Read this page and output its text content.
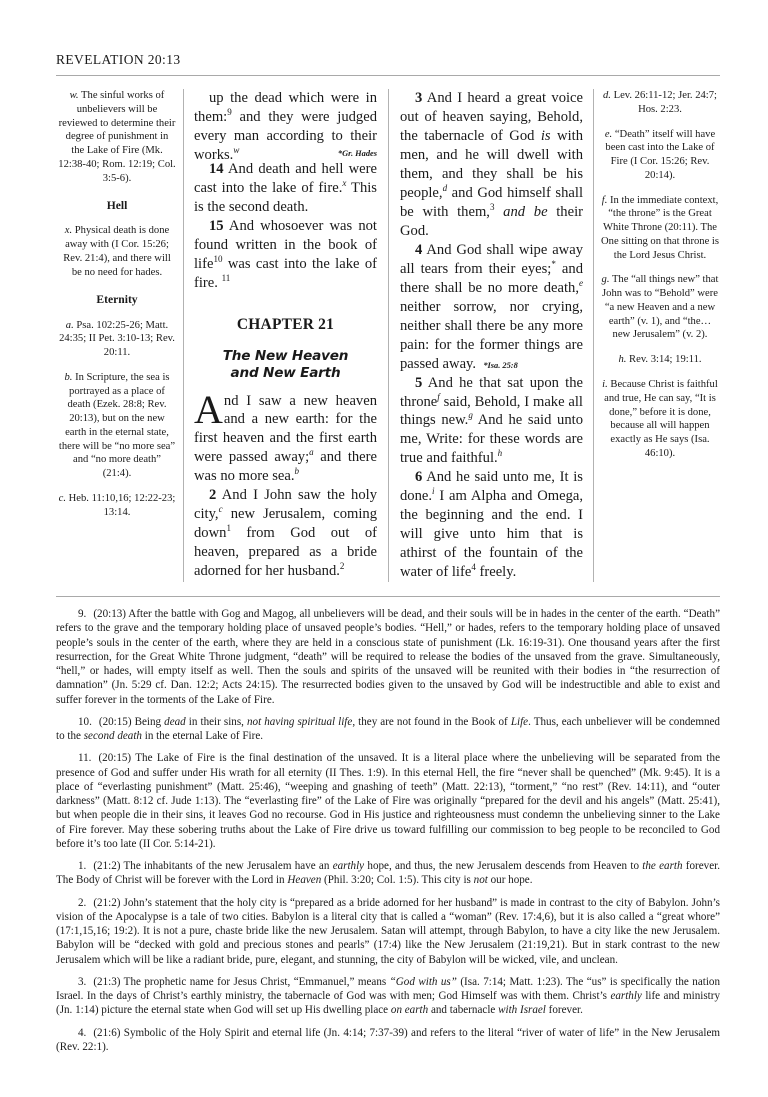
REVELATION 20:13
w. The sinful works of unbelievers will be reviewed to determine their degree of punishment in the Lake of Fire (Mk. 12:38-40; Rom. 12:19; Col. 3:5-6).
Hell
x. Physical death is done away with (I Cor. 15:26; Rev. 21:4), and there will be no need for hades.
Eternity
a. Psa. 102:25-26; Matt. 24:35; II Pet. 3:10-13; Rev. 20:11.
b. In Scripture, the sea is portrayed as a place of death (Ezek. 28:8; Rev. 20:13), but on the new earth in the eternal state, there will be “no more sea” and “no more death” (21:4).
c. Heb. 11:10,16; 12:22-23; 13:14.

up the dead which were in them:$^9$ and they were judged every man according to their works.$^w$	*Gr. Hades

14 And death and hell were cast into the lake of fire.$^x$ This is the second death.

15 And whosoever was not found written in the book of life$^{10}$ was cast into the lake of fire. $^{11}$

CHAPTER 21
The New Heaven
and New Earth

And I saw a new heaven and a new earth: for the first heaven and the first earth were passed away;$^a$ and there was no more sea.$^b$

2 And I John saw the holy city,$^c$ new Jerusalem, coming down$^1$ from God out of heaven, prepared as a bride adorned for her husband.$^2$

3 And I heard a great voice out of heaven saying, Behold, the tabernacle of God is with men, and he will dwell with them, and they shall be his people,$^d$ and God himself shall be with them,$^3$ and be their God.

4 And God shall wipe away all tears from their eyes;* and there shall be no more death,$^e$ neither sorrow, nor crying, neither shall there be any more pain: for the former things are passed away. *Isa. 25:8

5 And he that sat upon the throne$^f$ said, Behold, I make all things new.$^g$ And he said unto me, Write: for these words are true and faithful.$^h$

6 And he said unto me, It is done.$^i$ I am Alpha and Omega, the beginning and the end. I will give unto him that is athirst of the fountain of the water of life$^4$ freely.

d. Lev. 26:11-12; Jer. 24:7; Hos. 2:23.
e. “Death” itself will have been cast into the Lake of Fire (I Cor. 15:26; Rev. 20:14).
f. In the immediate context, “the throne” is the Great White Throne (20:11). The One sitting on that throne is the Lord Jesus Christ.
g. The “all things new” that John was to “Behold” were “a new Heaven and a new earth” (v. 1), and “the… new Jerusalem” (v. 2).
h. Rev. 3:14; 19:11.
i. Because Christ is faithful and true, He can say, “It is done,” before it is done, because all will happen exactly as He says (Isa. 46:10).

9. (20:13) After the battle with Gog and Magog, all unbelievers will be dead, and their souls will be in hades in the center of the earth. “Death” refers to the grave and the temporary holding place of unsaved people’s bodies. “Hell,” or hades, refers to the temporary holding place of unsaved people’s souls in the center of the earth, where they are held in a conscious state of punishment (Lk. 16:19-31). One thousand years after the first resurrection, for the Great White Throne judgment, “death” will be required to release the bodies of the unsaved from the grave. Simultaneously, “hell,” or hades, will empty itself as well. Then the souls and spirits of the unsaved will be reunited with their bodies in “the resurrection of damnation” (Jn. 5:29 cf. Dan. 12:2; Acts 24:15). The resurrected bodies given to the unsaved by God will be indestructible and able to exist and suffer forever in the torments of the Lake of Fire.

10. (20:15) Being dead in their sins, not having spiritual life, they are not found in the Book of Life. Thus, each unbeliever will be condemned to the second death in the eternal Lake of Fire.

11. (20:15) The Lake of Fire is the final destination of the unsaved. It is a literal place where the unbelieving will be separated from the presence of God and suffer under His wrath for all eternity (II Thes. 1:9). In this eternal Hell, the fire “never shall be quenched” (Mk. 9:45). It is a place of “everlasting punishment” (Matt. 25:46), “weeping and gnashing of teeth” (Matt. 22:13), “torment,” “no rest” (Rev. 14:11), and “outer darkness” (Matt. 8:12 cf. Jude 1:13). The “everlasting fire” of the Lake of Fire was originally “prepared for the devil and his angels” (Matt. 25:41), but when people die in their sins, it leaves God no recourse. God in His justice and righteousness must condemn the unbelieving sinner to the Lake of Fire forever. May these sobering truths about the Lake of Fire drive us toward fulfilling our commission to beg people to be reconciled to God before it’s too late (II Cor. 5:14-21).

1. (21:2) The inhabitants of the new Jerusalem have an earthly hope, and thus, the new Jerusalem descends from Heaven to the earth forever. The Body of Christ will be forever with the Lord in Heaven (Phil. 3:20; Col. 1:5). This city is not our hope.

2. (21:2) John’s statement that the holy city is “prepared as a bride adorned for her husband” is made in contrast to the city of Babylon. John’s vision of the Apocalypse is a tale of two cities. Babylon is a literal city that is called a “woman” (Rev. 17:4,6), but it is also called a “great whore” (17:1,15,16; 19:2). It is not a pure, chaste bride like the new Jerusalem. Satan will attempt, through Babylon, to have a city like the new Jerusalem. Babylon will be “decked with gold and precious stones and pearls” (17:4) like the New Jerusalem (21:19,21). But in stark contrast to the new Jerusalem which will be like a radiant bride, pure, elegant, and stunning, the city of Babylon will be wicked, vile, and unclean.

3. (21:3) The prophetic name for Jesus Christ, “Emmanuel,” means “God with us” (Isa. 7:14; Matt. 1:23). The “us” is specifically the nation Israel. In the days of Christ’s earthly ministry, the tabernacle of God was with men; God Himself was with them. Christ’s earthly life and ministry (Jn. 1:14) picture the eternal state when God will set up His dwelling place on earth and tabernacle with Israel forever.

4. (21:6) Symbolic of the Holy Spirit and eternal life (Jn. 4:14; 7:37-39) and refers to the literal “river of water of life” in the New Jerusalem (Rev. 22:1).
